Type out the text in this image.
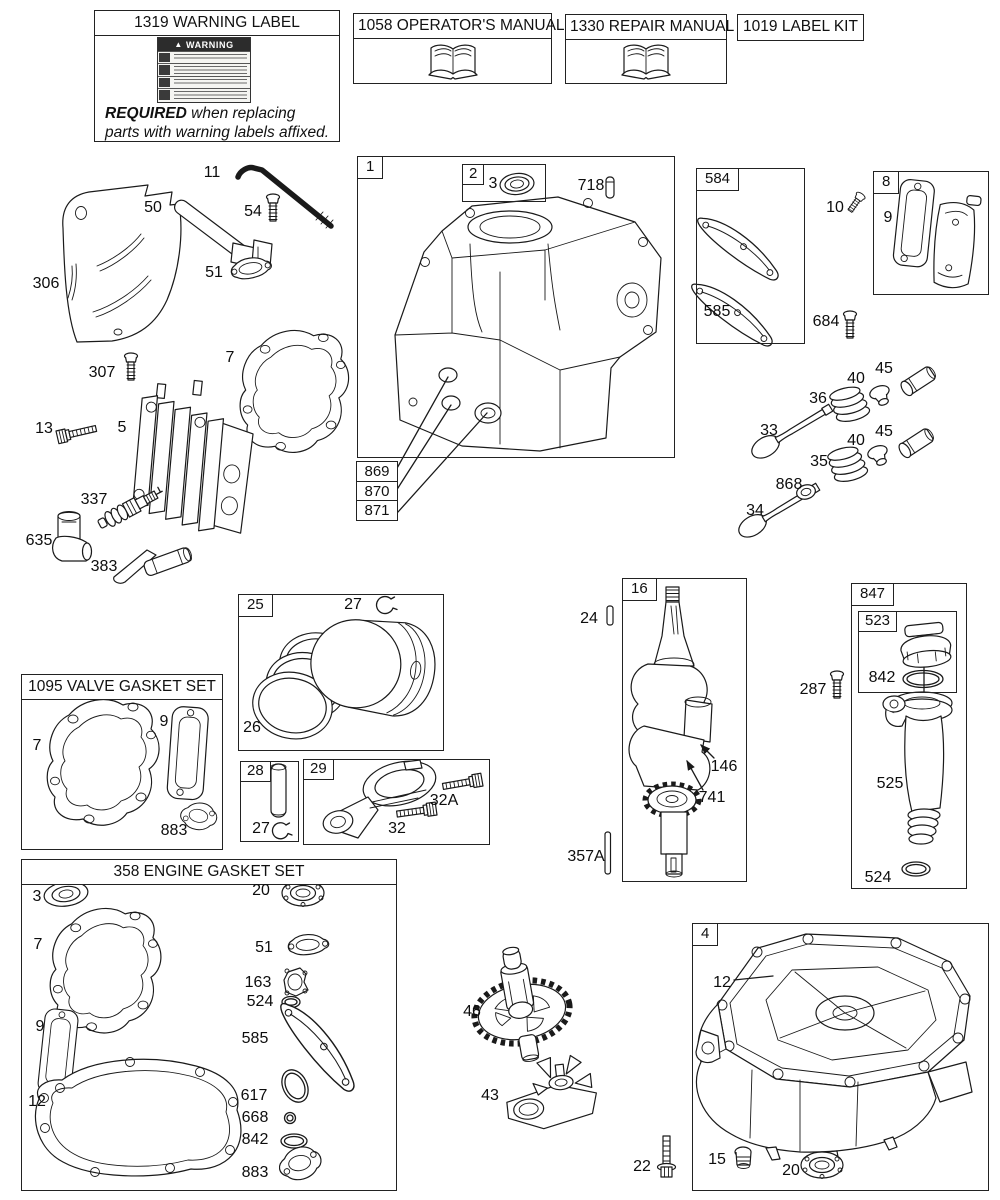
1319 WARNING LABEL
▲ WARNING
REQUIRED when replacing parts with warning labels affixed.
1058 OPERATOR'S MANUAL 1330 REPAIR MANUAL 1019 LABEL KIT
1	2	584	8
16	847
523
25
28	29
4
869
870
871
1095 VALVE GASKET SET
358 ENGINE GASKET SET
306
11
50	54
51
307
7
13	5
337
635
383
3	718
585
10
9
684
45
40
36
33	45
40
35
868
34
27
26
7
9
883	27
32A
32
24
146
741
357A
287
842
525
524
3	20
7	51
163
524
585
9
12	617
668
842
883
46
43
12
22	15
20
